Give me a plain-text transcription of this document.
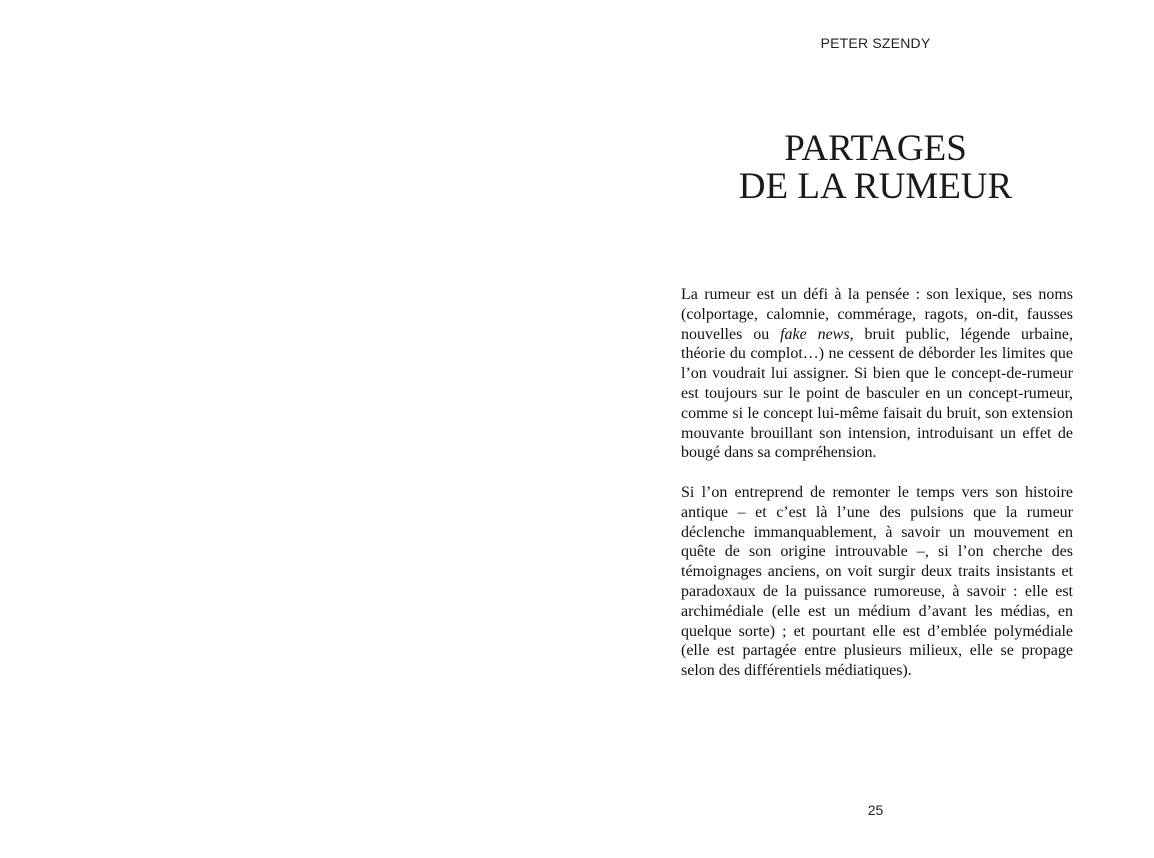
PETER SZENDY
PARTAGES
DE LA RUMEUR

La rumeur est un défi à la pensée : son lexique, ses noms (colportage, calomnie, commérage, ragots, on-dit, fausses nouvelles ou fake news, bruit public, légende urbaine, théorie du complot…) ne cessent de déborder les limites que l’on voudrait lui assigner. Si bien que le concept-de-rumeur est toujours sur le point de basculer en un concept-rumeur, comme si le concept lui-même faisait du bruit, son extension mouvante brouillant son intension, introduisant un effet de bougé dans sa compréhension.

Si l’on entreprend de remonter le temps vers son histoire antique – et c’est là l’une des pulsions que la rumeur déclenche immanquablement, à savoir un mouvement en quête de son origine introuvable –, si l’on cherche des témoignages anciens, on voit surgir deux traits insistants et paradoxaux de la puissance rumoreuse, à savoir : elle est archimédiale (elle est un médium d’avant les médias, en quelque sorte) ; et pourtant elle est d’emblée polymédiale (elle est partagée entre plusieurs milieux, elle se propage selon des différentiels médiatiques).

25
